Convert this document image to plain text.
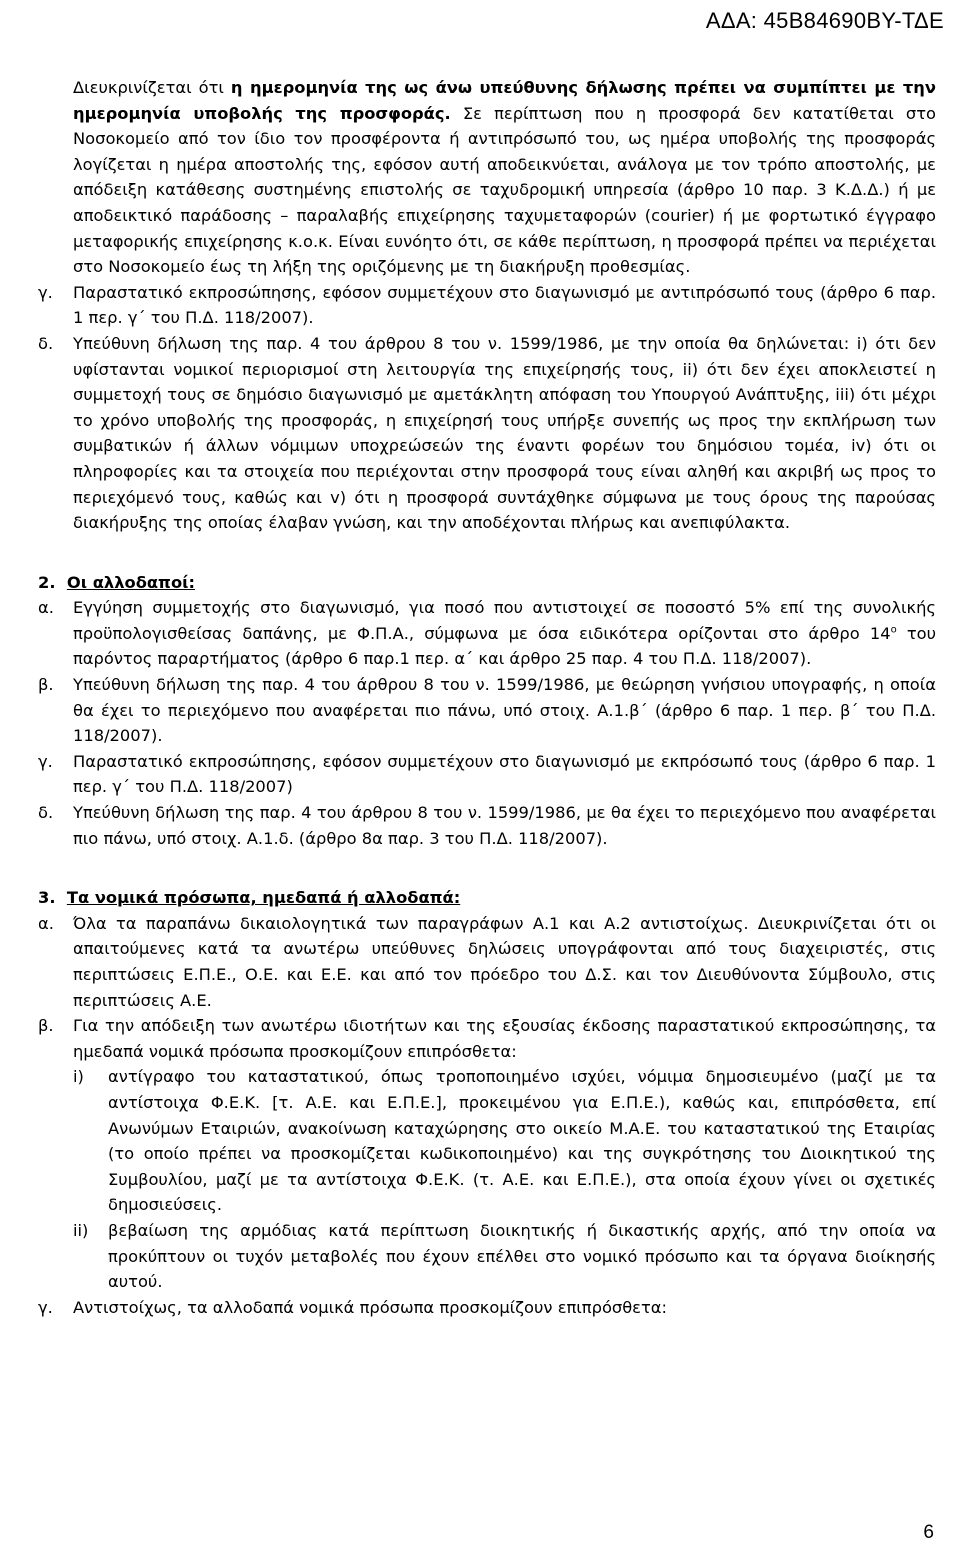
ΑΔΑ: 45Β84690ΒΥ-ΤΔΕ

Διευκρινίζεται ότι η ημερομηνία της ως άνω υπεύθυνης δήλωσης πρέπει να συμπίπτει με την ημερομηνία υποβολής της προσφοράς. Σε περίπτωση που η προσφορά δεν κατατίθεται στο Νοσοκομείο από τον ίδιο τον προσφέροντα ή αντιπρόσωπό του, ως ημέρα υποβολής της προσφοράς λογίζεται η ημέρα αποστολής της, εφόσον αυτή αποδεικνύεται, ανάλογα με τον τρόπο αποστολής, με απόδειξη κατάθεσης συστημένης επιστολής σε ταχυδρομική υπηρεσία (άρθρο 10 παρ. 3 Κ.Δ.Δ.) ή με αποδεικτικό παράδοσης – παραλαβής επιχείρησης ταχυμεταφορών (courier) ή με φορτωτικό έγγραφο μεταφορικής επιχείρησης κ.ο.κ. Είναι ευνόητο ότι, σε κάθε περίπτωση, η προσφορά πρέπει να περιέχεται στο Νοσοκομείο έως τη λήξη της οριζόμενης με τη διακήρυξη προθεσμίας.

γ. Παραστατικό εκπροσώπησης, εφόσον συμμετέχουν στο διαγωνισμό με αντιπρόσωπό τους (άρθρο 6 παρ. 1 περ. γ΄ του Π.Δ. 118/2007).
δ. Υπεύθυνη δήλωση της παρ. 4 του άρθρου 8 του ν. 1599/1986, με την οποία θα δηλώνεται: i) ότι δεν υφίστανται νομικοί περιορισμοί στη λειτουργία της επιχείρησής τους, ii) ότι δεν έχει αποκλειστεί η συμμετοχή τους σε δημόσιο διαγωνισμό με αμετάκλητη απόφαση του Υπουργού Ανάπτυξης, iii) ότι μέχρι το χρόνο υποβολής της προσφοράς, η επιχείρησή τους υπήρξε συνεπής ως προς την εκπλήρωση των συμβατικών ή άλλων νόμιμων υποχρεώσεών της έναντι φορέων του δημόσιου τομέα, iv) ότι οι πληροφορίες και τα στοιχεία που περιέχονται στην προσφορά τους είναι αληθή και ακριβή ως προς το περιεχόμενό τους, καθώς και v) ότι η προσφορά συντάχθηκε σύμφωνα με τους όρους της παρούσας διακήρυξης της οποίας έλαβαν γνώση, και την αποδέχονται πλήρως και ανεπιφύλακτα.
2. Οι αλλοδαποί:
α. Εγγύηση συμμετοχής στο διαγωνισμό, για ποσό που αντιστοιχεί σε ποσοστό 5% επί της συνολικής προϋπολογισθείσας δαπάνης, με Φ.Π.Α., σύμφωνα με όσα ειδικότερα ορίζονται στο άρθρο $14^o$ του παρόντος παραρτήματος (άρθρο 6 παρ.1 περ. α΄ και άρθρο 25 παρ. 4 του Π.Δ. 118/2007).
β. Υπεύθυνη δήλωση της παρ. 4 του άρθρου 8 του ν. 1599/1986, με θεώρηση γνήσιου υπογραφής, η οποία θα έχει το περιεχόμενο που αναφέρεται πιο πάνω, υπό στοιχ. Α.1.β΄ (άρθρο 6 παρ. 1 περ. β΄ του Π.Δ. 118/2007).
γ. Παραστατικό εκπροσώπησης, εφόσον συμμετέχουν στο διαγωνισμό με εκπρόσωπό τους (άρθρο 6 παρ. 1 περ. γ΄ του Π.Δ. 118/2007)
δ. Υπεύθυνη δήλωση της παρ. 4 του άρθρου 8 του ν. 1599/1986, με θα έχει το περιεχόμενο που αναφέρεται πιο πάνω, υπό στοιχ. Α.1.δ. (άρθρο 8α παρ. 3 του Π.Δ. 118/2007).
3. Τα νομικά πρόσωπα, ημεδαπά ή αλλοδαπά:
α. Όλα τα παραπάνω δικαιολογητικά των παραγράφων Α.1 και Α.2 αντιστοίχως. Διευκρινίζεται ότι οι απαιτούμενες κατά τα ανωτέρω υπεύθυνες δηλώσεις υπογράφονται από τους διαχειριστές, στις περιπτώσεις Ε.Π.Ε., Ο.Ε. και Ε.Ε. και από τον πρόεδρο του Δ.Σ. και τον Διευθύνοντα Σύμβουλο, στις περιπτώσεις Α.Ε.
β. Για την απόδειξη των ανωτέρω ιδιοτήτων και της εξουσίας έκδοσης παραστατικού εκπροσώπησης, τα ημεδαπά νομικά πρόσωπα προσκομίζουν επιπρόσθετα:
i) αντίγραφο του καταστατικού, όπως τροποποιημένο ισχύει, νόμιμα δημοσιευμένο (μαζί με τα αντίστοιχα Φ.Ε.Κ. [τ. Α.Ε. και Ε.Π.Ε.], προκειμένου για Ε.Π.Ε.), καθώς και, επιπρόσθετα, επί Ανωνύμων Εταιριών, ανακοίνωση καταχώρησης στο οικείο Μ.Α.Ε. του καταστατικού της Εταιρίας (το οποίο πρέπει να προσκομίζεται κωδικοποιημένο) και της συγκρότησης του Διοικητικού της Συμβουλίου, μαζί με τα αντίστοιχα Φ.Ε.Κ. (τ. Α.Ε. και Ε.Π.Ε.), στα οποία έχουν γίνει οι σχετικές δημοσιεύσεις.
ii) βεβαίωση της αρμόδιας κατά περίπτωση διοικητικής ή δικαστικής αρχής, από την οποία να προκύπτουν οι τυχόν μεταβολές που έχουν επέλθει στο νομικό πρόσωπο και τα όργανα διοίκησής αυτού.
γ. Αντιστοίχως, τα αλλοδαπά νομικά πρόσωπα προσκομίζουν επιπρόσθετα:
6
